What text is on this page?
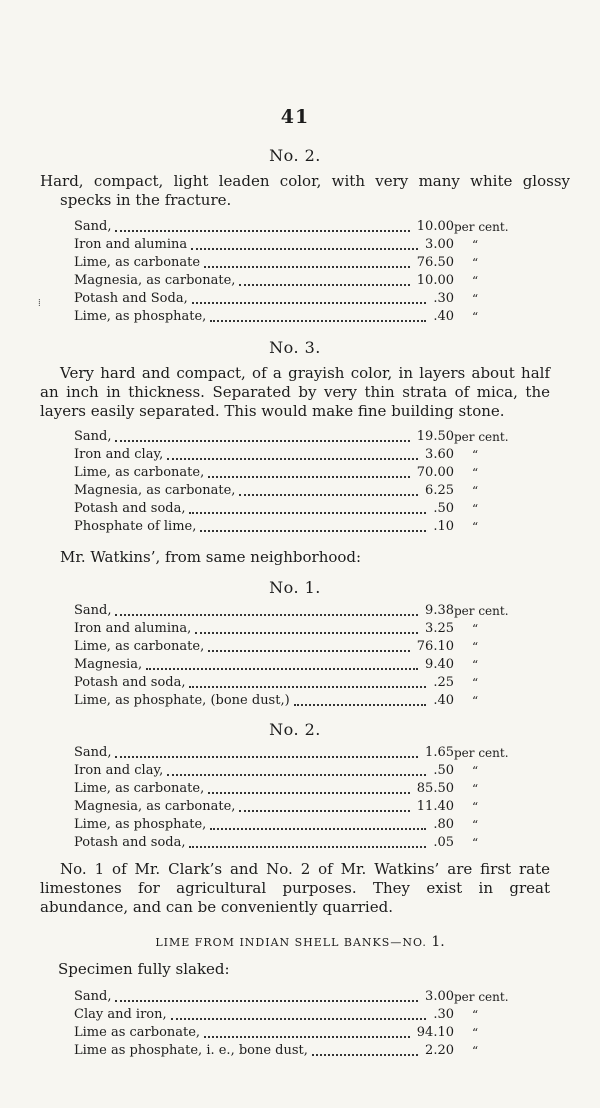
41
No. 2.
Hard, compact, light leaden color, with very many white glossy specks in the fracture.
Sand,	10.00 per cent.
Iron and alumina	3.00	“
Lime, as carbonate	76.50	“
Magnesia, as carbonate,	10.00	“
Potash and Soda,	.30	“
Lime, as phosphate,	.40	“
⁞
No. 3.
Very hard and compact, of a grayish color, in layers about half an inch in thickness. Separated by very thin strata of mica, the layers easily separated. This would make fine building stone.
Sand,	19.50 per cent.
Iron and clay,	3.60	“
Lime, as carbonate,	70.00	“
Magnesia, as carbonate,	6.25	“
Potash and soda,	.50	“
Phosphate of lime,	.10	“
Mr. Watkins’, from same neighborhood:
No. 1.
Sand,	9.38 per cent.
Iron and alumina,	3.25	“
Lime, as carbonate,	76.10	“
Magnesia,	9.40	“
Potash and soda,	.25	“
Lime, as phosphate, (bone dust,)	.40	“
No. 2.
Sand,	1.65 per cent.
Iron and clay,	.50	“
Lime, as carbonate,	85.50	“
Magnesia, as carbonate,	11.40	“
Lime, as phosphate,	.80	“
Potash and soda,	.05	“
No. 1 of Mr. Clark’s and No. 2 of Mr. Watkins’ are first rate limestones for agricultural purposes. They exist in great abundance, and can be conveniently quarried.
LIME FROM INDIAN SHELL BANKS—NO. 1.
Specimen fully slaked:
Sand,	3.00 per cent.
Clay and iron,	.30	“
Lime as carbonate,	94.10	“
Lime as phosphate, i. e., bone dust,	2.20	“
